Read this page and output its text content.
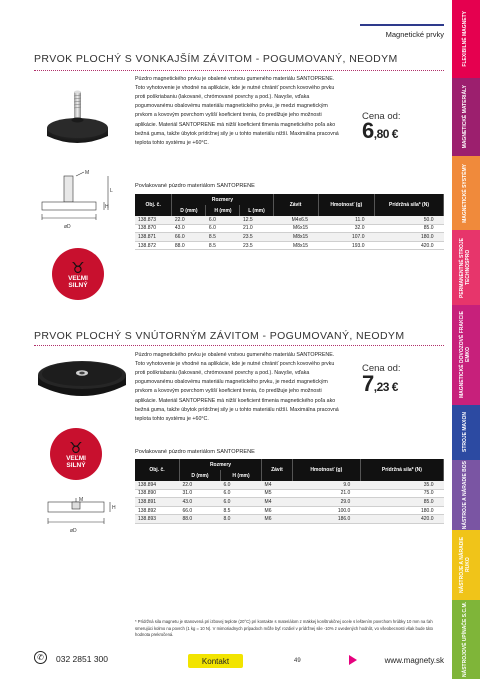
Magnetické prvky	FLEXIBILNÉ MAGNETY
MAGNETICKÉ MATERIÁLY
MAGNETICKÉ SYSTÉMY
PERMANENTNÉ STROJE TECHNOSPRO
MAGNETICKÉ DOVOZOVÉ FRAKCIE EMKO
STROJE MAXON
NÁSTROJE A NÁRADIE BOS
NÁSTROJE A NÁRADIE RUKO
NÁSTROJOVÉ UPÍNAČE S.C.M.
PRVOK PLOCHÝ S VONKAJŠÍM ZÁVITOM - POGUMOVANÝ, NEODYM
øD
H
L
M
♉
VEĽMI
SILNÝ
Púzdro magnetického prvku je obalené vrstvou gumeného materiálu SANTOPRENE. Toto vyhotovenie je vhodné na aplikácie, kde je nutné chrániť povrch kovového prvku proti poškriabaniu (lakované, chrómované povrchy a pod.). Navyše, vďaka pogumovanému obalovému materiálu magnetického prvku, je medzi magnetickým prvkom a kovovým povrchom vyšší koeficient trenia, čo predlžuje jeho možnosti aplikácie. Materiál SANTOPRENE má nižší koeficient tlmenia magnetického poľa ako bežná guma, takže úbytok prídržnej sily je u tohto materiálu nižší. Maximálna pracovná teplota tohto systému je +60°C.
Cena od:
6,80 €
Povlakované púzdro materiálom SANTOPRENE
Obj. č.	Rozmery			Závit	Hmotnosť (g)	Prídržná sila* (N)
	D (mm)	H (mm)	L (mm)			
138.873	22.0	6.0	12.5	M4x6.5	11.0	50.0
138.870	43.0	6.0	21.0	M6x15	32.0	85.0
138.871	66.0	8.5	23.5	M8x15	107.0	180.0
138.872	88.0	8.5	23.5	M8x15	193.0	420.0
PRVOK PLOCHÝ S VNÚTORNÝM ZÁVITOM - POGUMOVANÝ, NEODYM
♉
VEĽMI
SILNÝ
øD
H
M
Púzdro magnetického prvku je obalené vrstvou gumeného materiálu SANTOPRENE. Toto vyhotovenie je vhodné na aplikácie, kde je nutné chrániť povrch kovového prvku proti poškriabaniu (lakované, chrómované povrchy a pod.). Navyše, vďaka pogumovanému obalovému materiálu magnetického prvku, je medzi magnetickým prvkom a kovovým povrchom vyšší koeficient trenia, čo predlžuje jeho možnosti aplikácie. Materiál SANTOPRENE má nižší koeficient tlmenia magnetického poľa ako bežná guma, takže úbytok prídržnej sily je u tohto materiálu nižší. Maximálna pracovná teplota tohto systému je +60°C.
Cena od:
7,23 €
Povlakované púzdro materiálom SANTOPRENE
Obj. č.	Rozmery		Závit	Hmotnosť (g)	Prídržná sila* (N)
	D (mm)	H (mm)			
138.894	22.0	6.0	M4	9.0	35.0
138.890	31.0	6.0	M5	21.0	75.0
138.891	43.0	6.0	M4	29.0	85.0
138.892	66.0	8.5	M6	100.0	180.0
138.893	88.0	8.0	M6	186.0	420.0
* Prídržná sila magnetu je stanovená pri izbovej teplote (20°C) pri kontakte s materiálom z mäkkej konštrukčnej ocele s leštením povrchom hrúbky 10 mm na ťah smerujúci kolmo na povrch (1 kg = 10 N). V mimoriadnych prípadoch môže byť rozdiel v prídržnej sile -10% z uvedených hodnôt, vo všeobecnosti však bude táto hodnota prekročená.
✆	032 2851 300	Kontakt	49	www.magnety.sk
